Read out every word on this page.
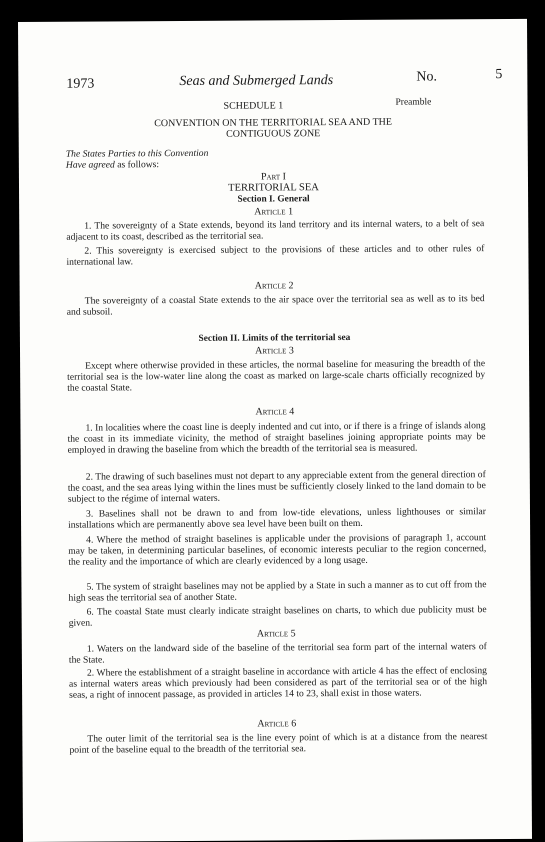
1973	Seas and Submerged Lands	No.	5
SCHEDULE 1	Preamble
CONVENTION ON THE TERRITORIAL SEA AND THE
CONTIGUOUS ZONE
The States Parties to this Convention
Have agreed as follows:
Part I
TERRITORIAL SEA
Section I. General
Article 1
1. The sovereignty of a State extends, beyond its land territory and its internal waters, to a belt of sea adjacent to its coast, described as the territorial sea.
2. This sovereignty is exercised subject to the provisions of these articles and to other rules of international law.
Article 2
The sovereignty of a coastal State extends to the air space over the territorial sea as well as to its bed and subsoil.
Section II. Limits of the territorial sea
Article 3
Except where otherwise provided in these articles, the normal baseline for measuring the breadth of the territorial sea is the low-water line along the coast as marked on large-scale charts officially recognized by the coastal State.
Article 4
1. In localities where the coast line is deeply indented and cut into, or if there is a fringe of islands along the coast in its immediate vicinity, the method of straight baselines joining appropriate points may be employed in drawing the baseline from which the breadth of the territorial sea is measured.
2. The drawing of such baselines must not depart to any appreciable extent from the general direction of the coast, and the sea areas lying within the lines must be sufficiently closely linked to the land domain to be subject to the régime of internal waters.
3. Baselines shall not be drawn to and from low-tide elevations, unless lighthouses or similar installations which are permanently above sea level have been built on them.
4. Where the method of straight baselines is applicable under the provisions of paragraph 1, account may be taken, in determining particular baselines, of economic interests peculiar to the region concerned, the reality and the importance of which are clearly evidenced by a long usage.
5. The system of straight baselines may not be applied by a State in such a manner as to cut off from the high seas the territorial sea of another State.
6. The coastal State must clearly indicate straight baselines on charts, to which due publicity must be given.
Article 5
1. Waters on the landward side of the baseline of the territorial sea form part of the internal waters of the State.
2. Where the establishment of a straight baseline in accordance with article 4 has the effect of enclosing as internal waters areas which previously had been considered as part of the territorial sea or of the high seas, a right of innocent passage, as provided in articles 14 to 23, shall exist in those waters.
Article 6
The outer limit of the territorial sea is the line every point of which is at a distance from the nearest point of the baseline equal to the breadth of the territorial sea.
